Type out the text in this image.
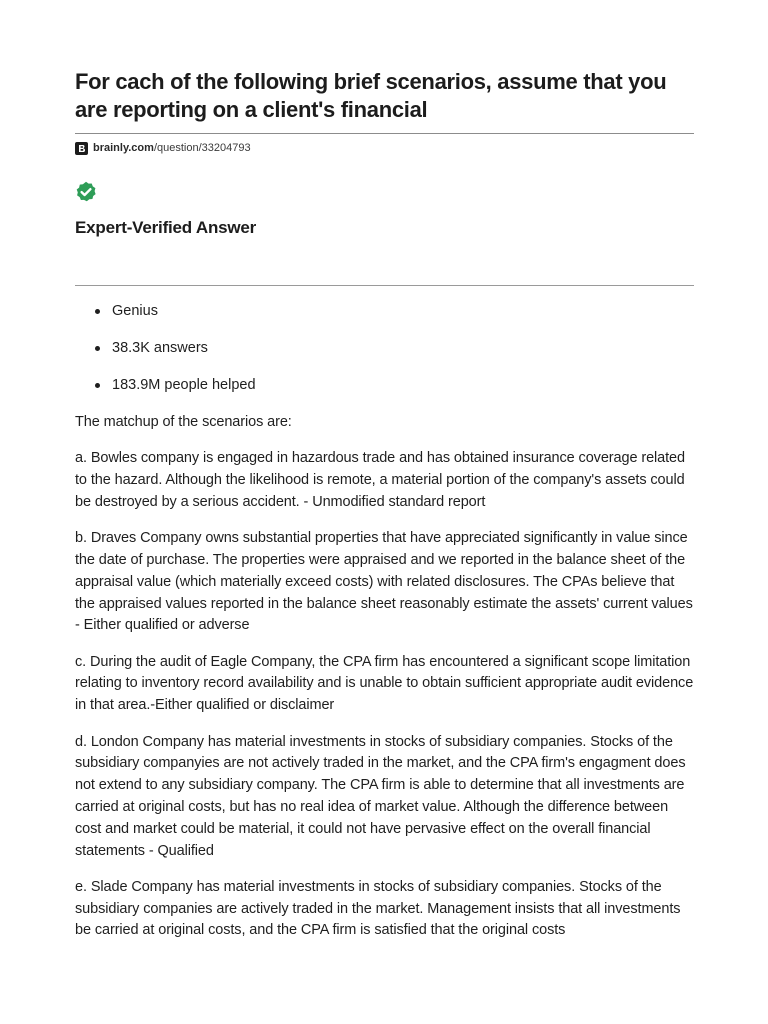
For cach of the following brief scenarios, assume that you are reporting on a client's financial
brainly.com /question/33204793
Expert-Verified Answer
Genius
38.3K answers
183.9M people helped

The matchup of the scenarios are:

a. Bowles company is engaged in hazardous trade and has obtained insurance coverage related to the hazard. Although the likelihood is remote, a material portion of the company's assets could be destroyed by a serious accident. - Unmodified standard report

b. Draves Company owns substantial properties that have appreciated significantly in value since the date of purchase. The properties were appraised and we reported in the balance sheet of the appraisal value (which materially exceed costs) with related disclosures. The CPAs believe that the appraised values reported in the balance sheet reasonably estimate the assets' current values - Either qualified or adverse

c. During the audit of Eagle Company, the CPA firm has encountered a significant scope limitation relating to inventory record availability and is unable to obtain sufficient appropriate audit evidence in that area.-Either qualified or disclaimer

d. London Company has material investments in stocks of subsidiary companies. Stocks of the subsidiary companyies are not actively traded in the market, and the CPA firm's engagment does not extend to any subsidiary company. The CPA firm is able to determine that all investments are carried at original costs, but has no real idea of market value. Although the difference between cost and market could be material, it could not have pervasive effect on the overall financial statements - Qualified

e. Slade Company has material investments in stocks of subsidiary companies. Stocks of the subsidiary companies are actively traded in the market. Management insists that all investments be carried at original costs, and the CPA firm is satisfied that the original costs
